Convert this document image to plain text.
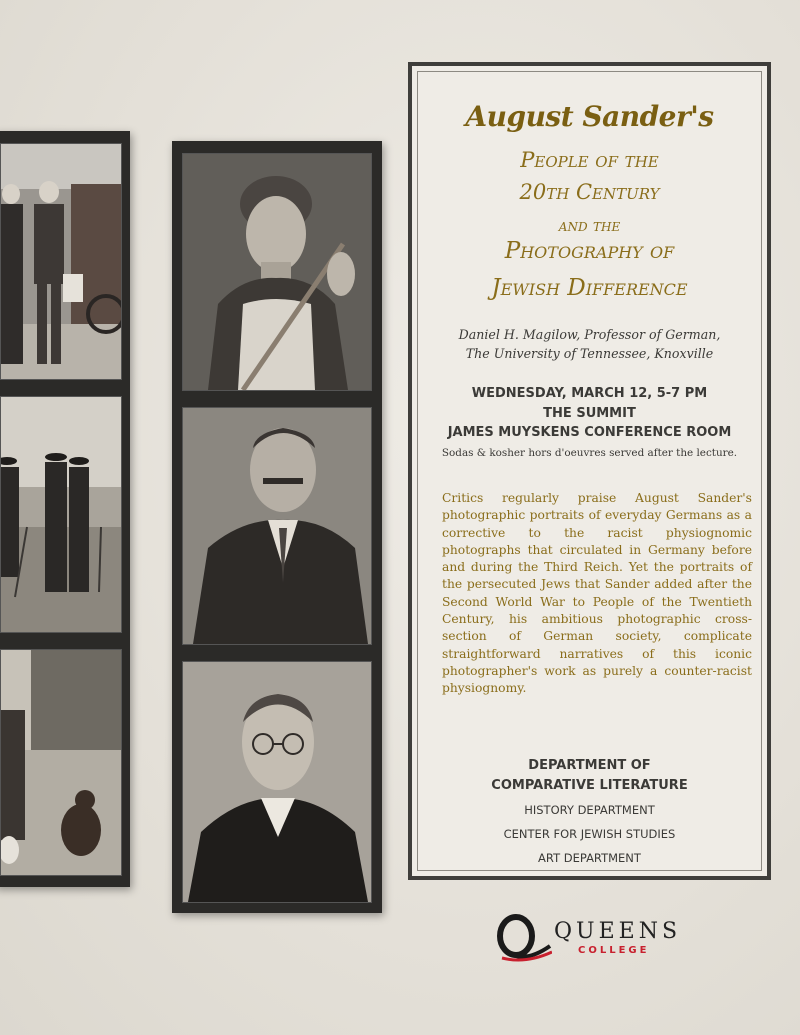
August Sander's
People of the
20th Century
and the
Photography of
Jewish Difference
Daniel H. Magilow, Professor of German,
The University of Tennessee, Knoxville
WEDNESDAY, MARCH 12, 5-7 PM
THE SUMMIT
JAMES MUYSKENS CONFERENCE ROOM
Sodas & kosher hors d'oeuvres served after the lecture.
Critics regularly praise August Sander's photographic portraits of everyday Germans as a corrective to the racist physiognomic photographs that circulated in Germany before and during the Third Reich. Yet the portraits of the persecuted Jews that Sander added after the Second World War to People of the Twentieth Century, his ambitious photographic cross-section of German society, complicate straightforward narratives of this iconic photographer's work as purely a counter-racist physiognomy.
DEPARTMENT OF
COMPARATIVE LITERATURE
HISTORY DEPARTMENT
CENTER FOR JEWISH STUDIES
ART DEPARTMENT
QUEENS
COLLEGE
